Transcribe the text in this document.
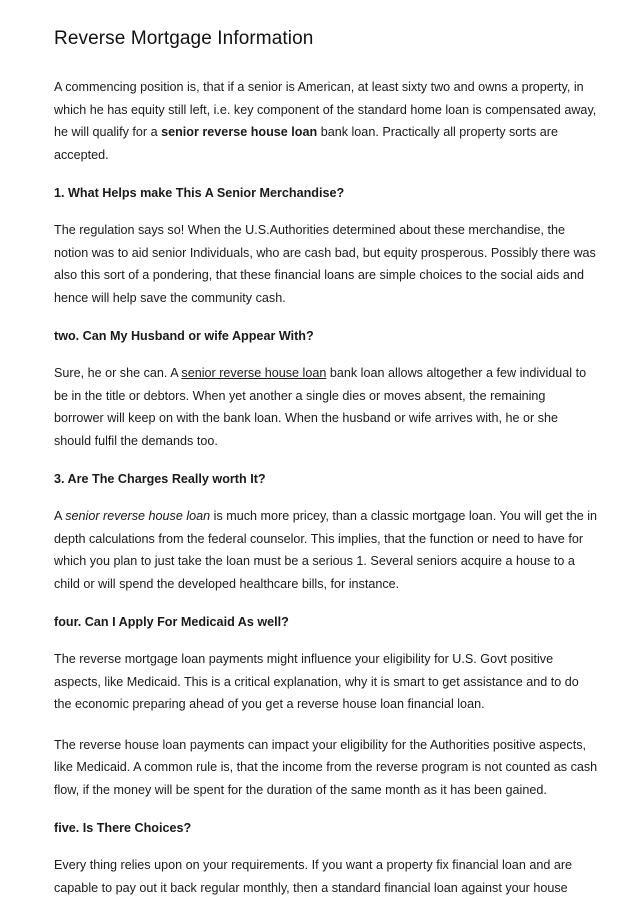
Reverse Mortgage Information

A commencing position is, that if a senior is American, at least sixty two and owns a property, in which he has equity still left, i.e. key component of the standard home loan is compensated away, he will qualify for a senior reverse house loan bank loan. Practically all property sorts are accepted.

1. What Helps make This A Senior Merchandise?

The regulation says so! When the U.S.Authorities determined about these merchandise, the notion was to aid senior Individuals, who are cash bad, but equity prosperous. Possibly there was also this sort of a pondering, that these financial loans are simple choices to the social aids and hence will help save the community cash.

two. Can My Husband or wife Appear With?

Sure, he or she can. A senior reverse house loan bank loan allows altogether a few individual to be in the title or debtors. When yet another a single dies or moves absent, the remaining borrower will keep on with the bank loan. When the husband or wife arrives with, he or she should fulfil the demands too.

3. Are The Charges Really worth It?

A senior reverse house loan is much more pricey, than a classic mortgage loan. You will get the in depth calculations from the federal counselor. This implies, that the function or need to have for which you plan to just take the loan must be a serious 1. Several seniors acquire a house to a child or will spend the developed healthcare bills, for instance.

four. Can I Apply For Medicaid As well?

The reverse mortgage loan payments might influence your eligibility for U.S. Govt positive aspects, like Medicaid. This is a critical explanation, why it is smart to get assistance and to do the economic preparing ahead of you get a reverse house loan financial loan.

The reverse house loan payments can impact your eligibility for the Authorities positive aspects, like Medicaid. A common rule is, that the income from the reverse program is not counted as cash flow, if the money will be spent for the duration of the same month as it has been gained.

five. Is There Choices?

Every thing relies upon on your requirements. If you want a property fix financial loan and are capable to pay out it back regular monthly, then a standard financial loan against your house
